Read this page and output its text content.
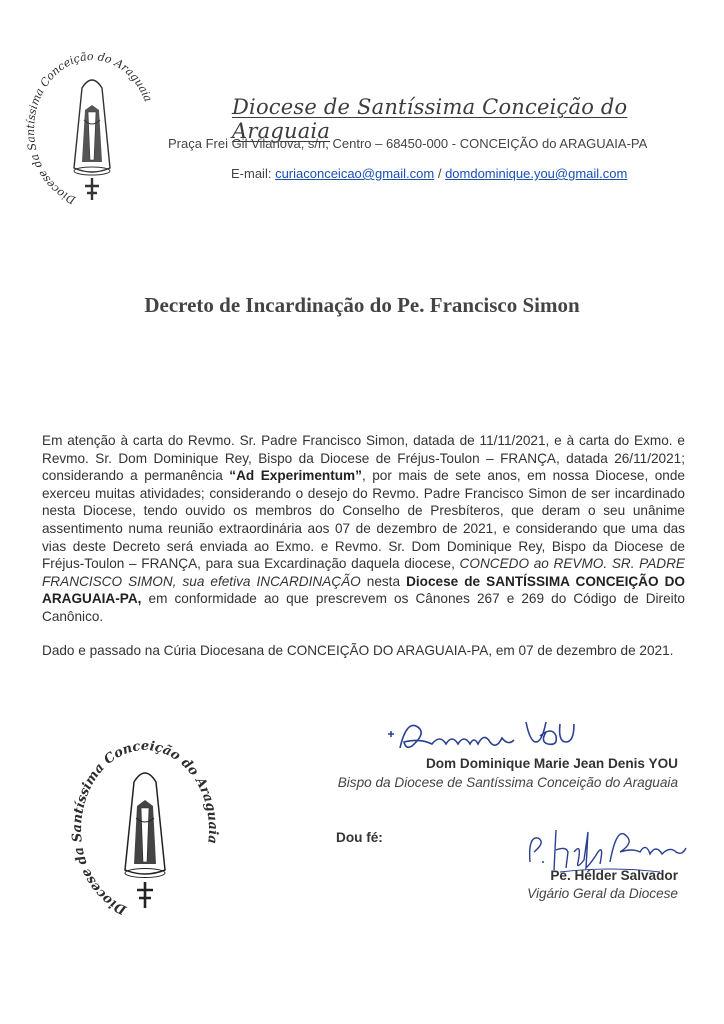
Diocese da Santíssima Conceição do Araguaia	Diocese de Santíssima Conceição do Araguaia
Praça Frei Gil Vilanova, s/n, Centro – 68450-000 - CONCEIÇÃO do ARAGUAIA-PA
E-mail: curiaconceicao@gmail.com / domdominique.you@gmail.com
Decreto de Incardinação do Pe. Francisco Simon

Em atenção à carta do Revmo. Sr. Padre Francisco Simon, datada de 11/11/2021, e à carta do Exmo. e Revmo. Sr. Dom Dominique Rey, Bispo da Diocese de Fréjus-Toulon – FRANÇA, datada 26/11/2021; considerando a permanência “Ad Experimentum”, por mais de sete anos, em nossa Diocese, onde exerceu muitas atividades; considerando o desejo do Revmo. Padre Francisco Simon de ser incardinado nesta Diocese, tendo ouvido os membros do Conselho de Presbíteros, que deram o seu unânime assentimento numa reunião extraordinária aos 07 de dezembro de 2021, e considerando que uma das vias deste Decreto será enviada ao Exmo. e Revmo. Sr. Dom Dominique Rey, Bispo da Diocese de Fréjus-Toulon – FRANÇA, para sua Excardinação daquela diocese, CONCEDO ao REVMO. SR. PADRE FRANCISCO SIMON, sua efetiva INCARDINAÇÃO nesta Diocese de SANTÍSSIMA CONCEIÇÃO DO ARAGUAIA-PA, em conformidade ao que prescrevem os Cânones 267 e 269 do Código de Direito Canônico.

Dado e passado na Cúria Diocesana de CONCEIÇÃO DO ARAGUAIA-PA, em 07 de dezembro de 2021.

Dom Dominique Marie Jean Denis YOU
Bispo da Diocese de Santíssima Conceição do Araguaia
Diocese da Santíssima Conceição do Araguaia	Dou fé:
Pe. Hélder Salvador
Vigário Geral da Diocese
